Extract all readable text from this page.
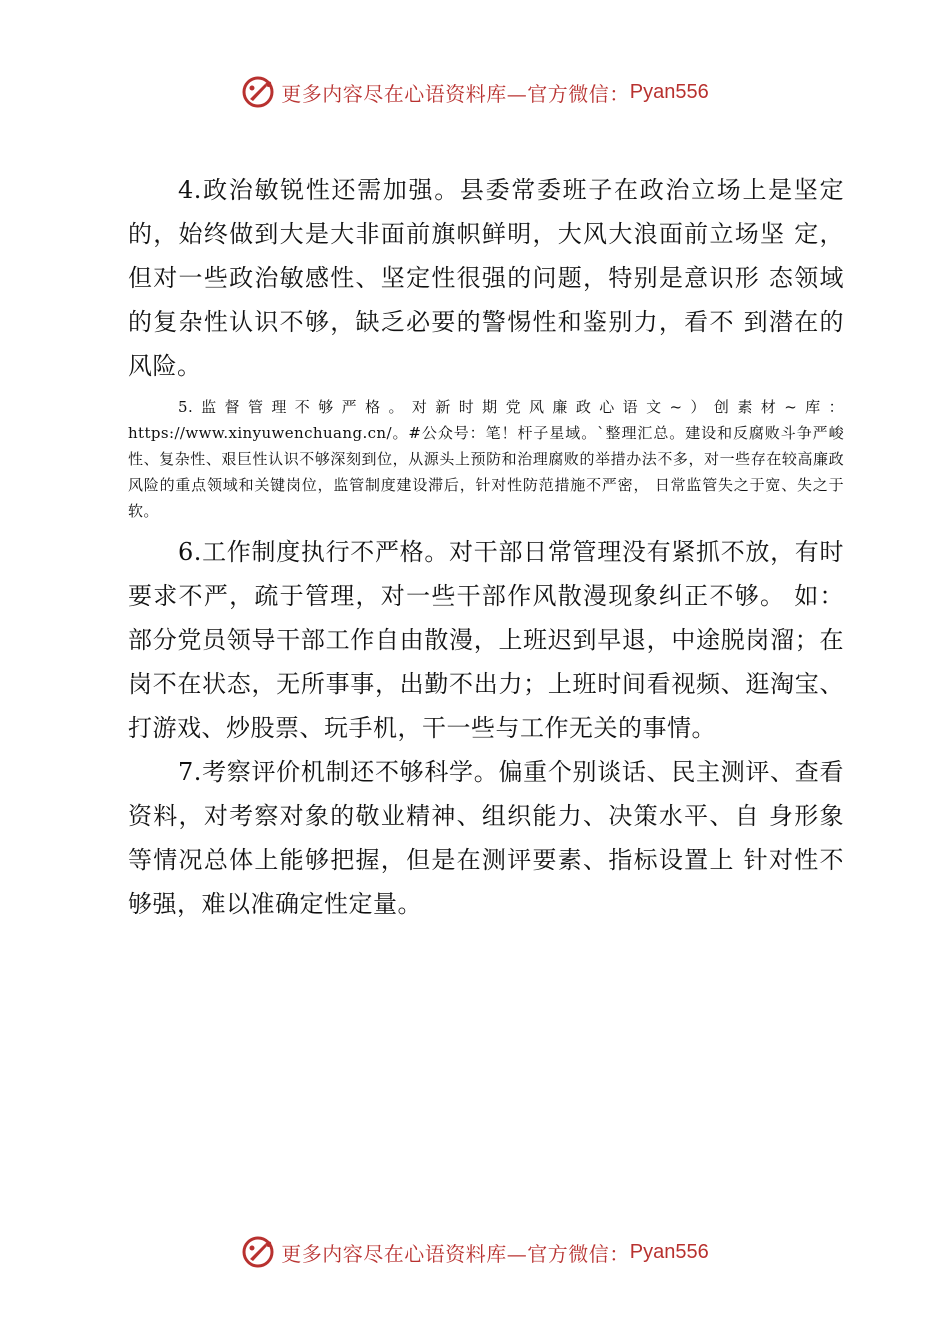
更多内容尽在心语资料库—官方微信： Pyan556

4.政治敏锐性还需加强。县委常委班子在政治立场上是坚定的，始终做到大是大非面前旗帜鲜明，大风大浪面前立场坚 定，但对一些政治敏感性、坚定性很强的问题，特别是意识形 态领域的复杂性认识不够，缺乏必要的警惕性和鉴别力，看不 到潜在的风险。

5.监督管理不够严格。对新时期党风廉政心语文~）创素材~库：https://www.xinyuwenchuang.cn/。#公众号：笔！杆子星域。`整理汇总。建设和反腐败斗争严峻性、复杂性、艰巨性认识不够深刻到位，从源头上预防和治理腐败的举措办法不多，对一些存在较高廉政风险的重点领域和关键岗位，监管制度建设滞后，针对性防范措施不严密， 日常监管失之于宽、失之于软。

6.工作制度执行不严格。对干部日常管理没有紧抓不放，有时要求不严，疏于管理，对一些干部作风散漫现象纠正不够。 如：部分党员领导干部工作自由散漫，上班迟到早退，中途脱岗溜；在岗不在状态，无所事事，出勤不出力；上班时间看视频、逛淘宝、打游戏、炒股票、玩手机，干一些与工作无关的事情。

7.考察评价机制还不够科学。偏重个别谈话、民主测评、查看资料，对考察对象的敬业精神、组织能力、决策水平、自 身形象等情况总体上能够把握，但是在测评要素、指标设置上 针对性不够强，难以准确定性定量。

更多内容尽在心语资料库—官方微信： Pyan556
